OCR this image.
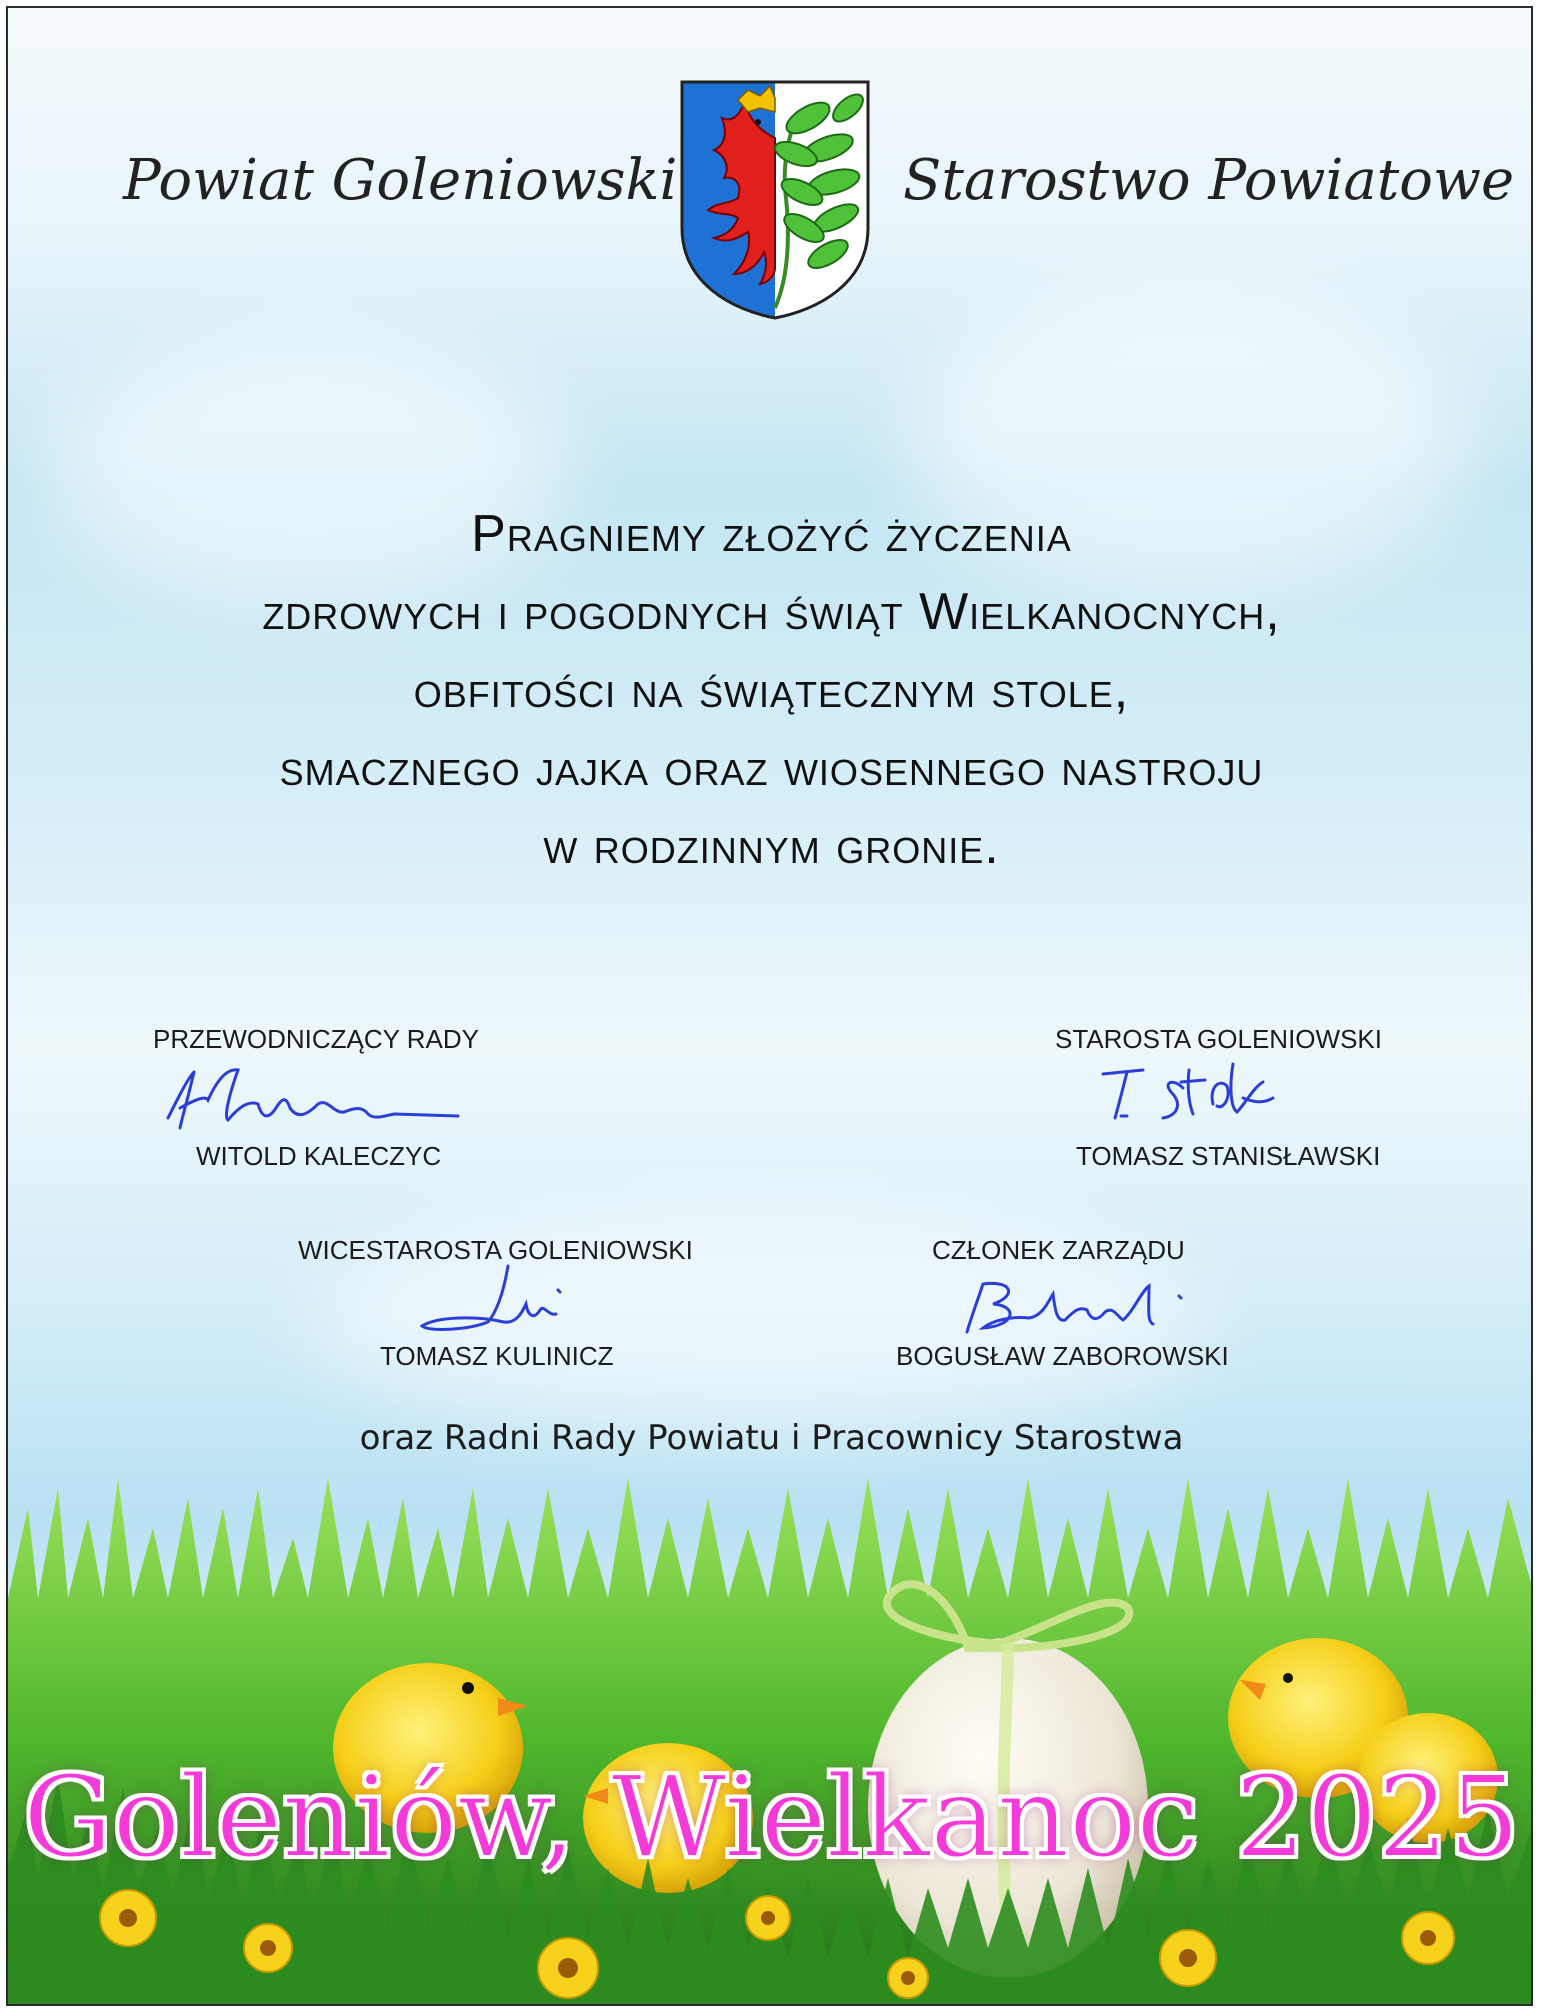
Powiat Goleniowski	Starostwo Powiatowe
Pragniemy złożyć życzenia
zdrowych i pogodnych świąt Wielkanocnych,
obfitości na świątecznym stole,
smacznego jajka oraz wiosennego nastroju
w rodzinnym gronie.
PRZEWODNICZĄCY RADY
WITOLD KALECZYC
STAROSTA GOLENIOWSKI
TOMASZ STANISŁAWSKI
WICESTAROSTA GOLENIOWSKI
TOMASZ KULINICZ
CZŁONEK ZARZĄDU
BOGUSŁAW ZABOROWSKI
oraz Radni Rady Powiatu i Pracownicy Starostwa
Goleniów, Wielkanoc 2025
